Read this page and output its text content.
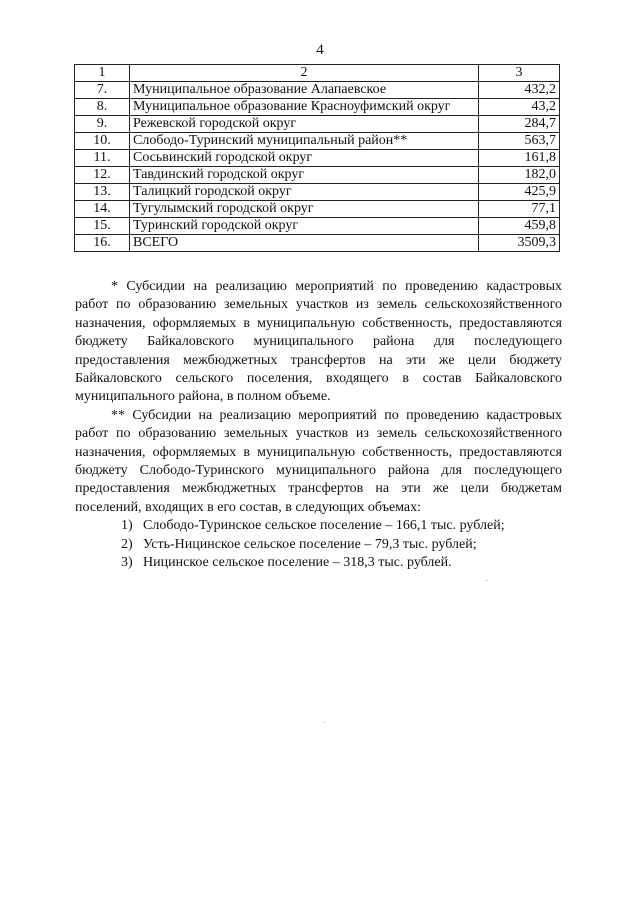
4
1	2	3
7.	Муниципальное образование Алапаевское	432,2
8.	Муниципальное образование Красноуфимский округ	43,2
9.	Режевской городской округ	284,7
10.	Слободо-Туринский муниципальный район**	563,7
11.	Сосьвинский городской округ	161,8
12.	Тавдинский городской округ	182,0
13.	Талицкий городской округ	425,9
14.	Тугулымский городской округ	77,1
15.	Туринский городской округ	459,8
16.	ВСЕГО	3509,3

* Субсидии на реализацию мероприятий по проведению кадастровых работ по образованию земельных участков из земель сельскохозяйственного назначения, оформляемых в муниципальную собственность, предоставляются бюджету Байкаловского муниципального района для последующего предоставления межбюджетных трансфертов на эти же цели бюджету Байкаловского сельского поселения, входящего в состав Байкаловского муниципального района, в полном объеме.

** Субсидии на реализацию мероприятий по проведению кадастровых работ по образованию земельных участков из земель сельскохозяйственного назначения, оформляемых в муниципальную собственность, предоставляются бюджету Слободо-Туринского муниципального района для последующего предоставления межбюджетных трансфертов на эти же цели бюджетам поселений, входящих в его состав, в следующих объемах:

1) Слободо-Туринское сельское поселение – 166,1 тыс. рублей;
2) Усть-Ницинское сельское поселение – 79,3 тыс. рублей;
3) Ницинское сельское поселение – 318,3 тыс. рублей.
